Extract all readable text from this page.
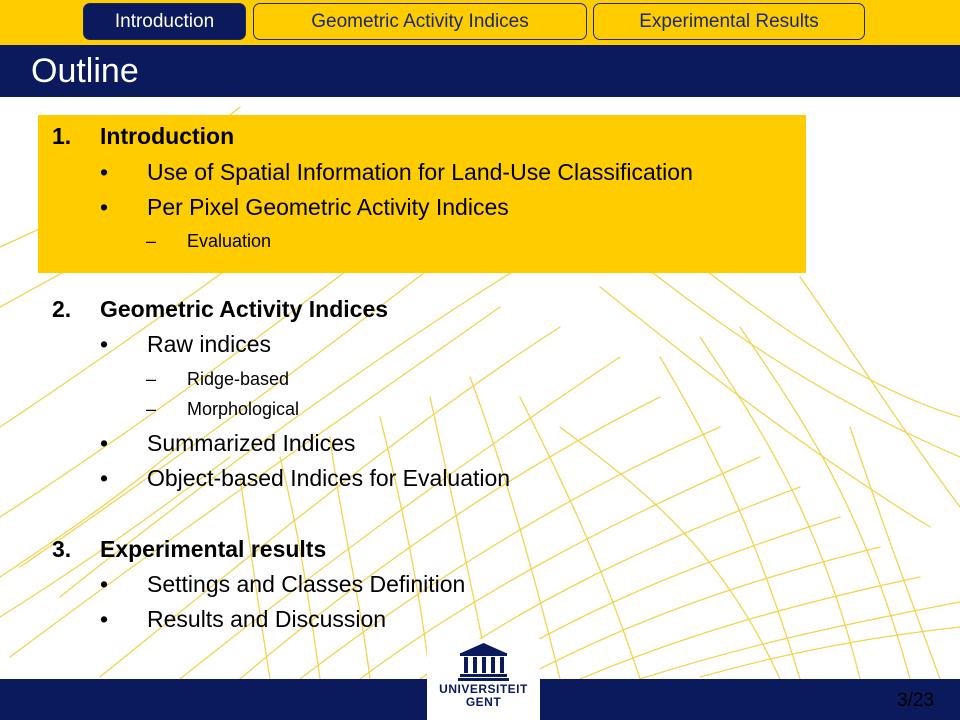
Introduction	Geometric Activity Indices	Experimental Results
Outline
1. Introduction
• Use of Spatial Information for Land-Use Classification
• Per Pixel Geometric Activity Indices
– Evaluation
2. Geometric Activity Indices
• Raw indices
– Ridge-based
– Morphological
• Summarized Indices
• Object-based Indices for Evaluation
3. Experimental results
• Settings and Classes Definition
• Results and Discussion
UNIVERSITEIT
GENT	3/23
